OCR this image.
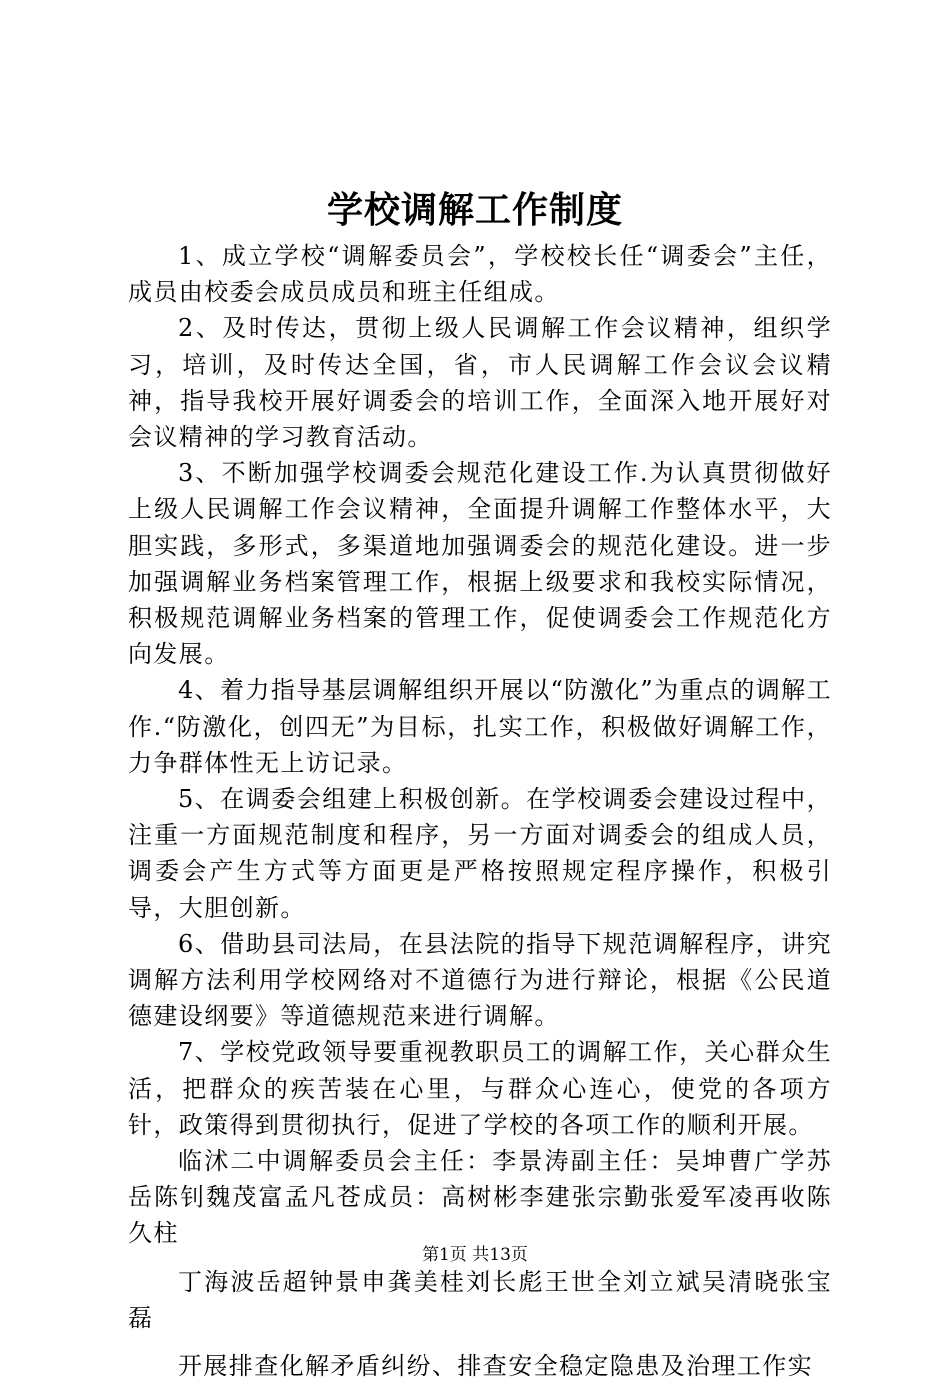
学校调解工作制度

1、成立学校“调解委员会”，学校校长任“调委会”主任，成员由校委会成员成员和班主任组成。

2、及时传达，贯彻上级人民调解工作会议精神，组织学习，培训，及时传达全国，省，市人民调解工作会议会议精神，指导我校开展好调委会的培训工作，全面深入地开展好对会议精神的学习教育活动。

3、不断加强学校调委会规范化建设工作.为认真贯彻做好上级人民调解工作会议精神，全面提升调解工作整体水平，大胆实践，多形式，多渠道地加强调委会的规范化建设。进一步加强调解业务档案管理工作，根据上级要求和我校实际情况，积极规范调解业务档案的管理工作，促使调委会工作规范化方向发展。

4、着力指导基层调解组织开展以“防激化”为重点的调解工作.“防激化，创四无”为目标，扎实工作，积极做好调解工作，力争群体性无上访记录。

5、在调委会组建上积极创新。在学校调委会建设过程中，注重一方面规范制度和程序，另一方面对调委会的组成人员，调委会产生方式等方面更是严格按照规定程序操作，积极引导，大胆创新。

6、借助县司法局，在县法院的指导下规范调解程序，讲究调解方法利用学校网络对不道德行为进行辩论，根据《公民道德建设纲要》等道德规范来进行调解。

7、学校党政领导要重视教职员工的调解工作，关心群众生活，把群众的疾苦装在心里，与群众心连心，使党的各项方针，政策得到贯彻执行，促进了学校的各项工作的顺利开展。

临沭二中调解委员会主任：李景涛副主任：吴坤曹广学苏岳陈钊魏茂富孟凡苍成员：高树彬李建张宗勤张爱军凌再收陈久柱

丁海波岳超钟景申龚美桂刘长彪王世全刘立斌吴清晓张宝磊

开展排查化解矛盾纠纷、排查安全稳定隐患及治理工作实

第1页 共13页
